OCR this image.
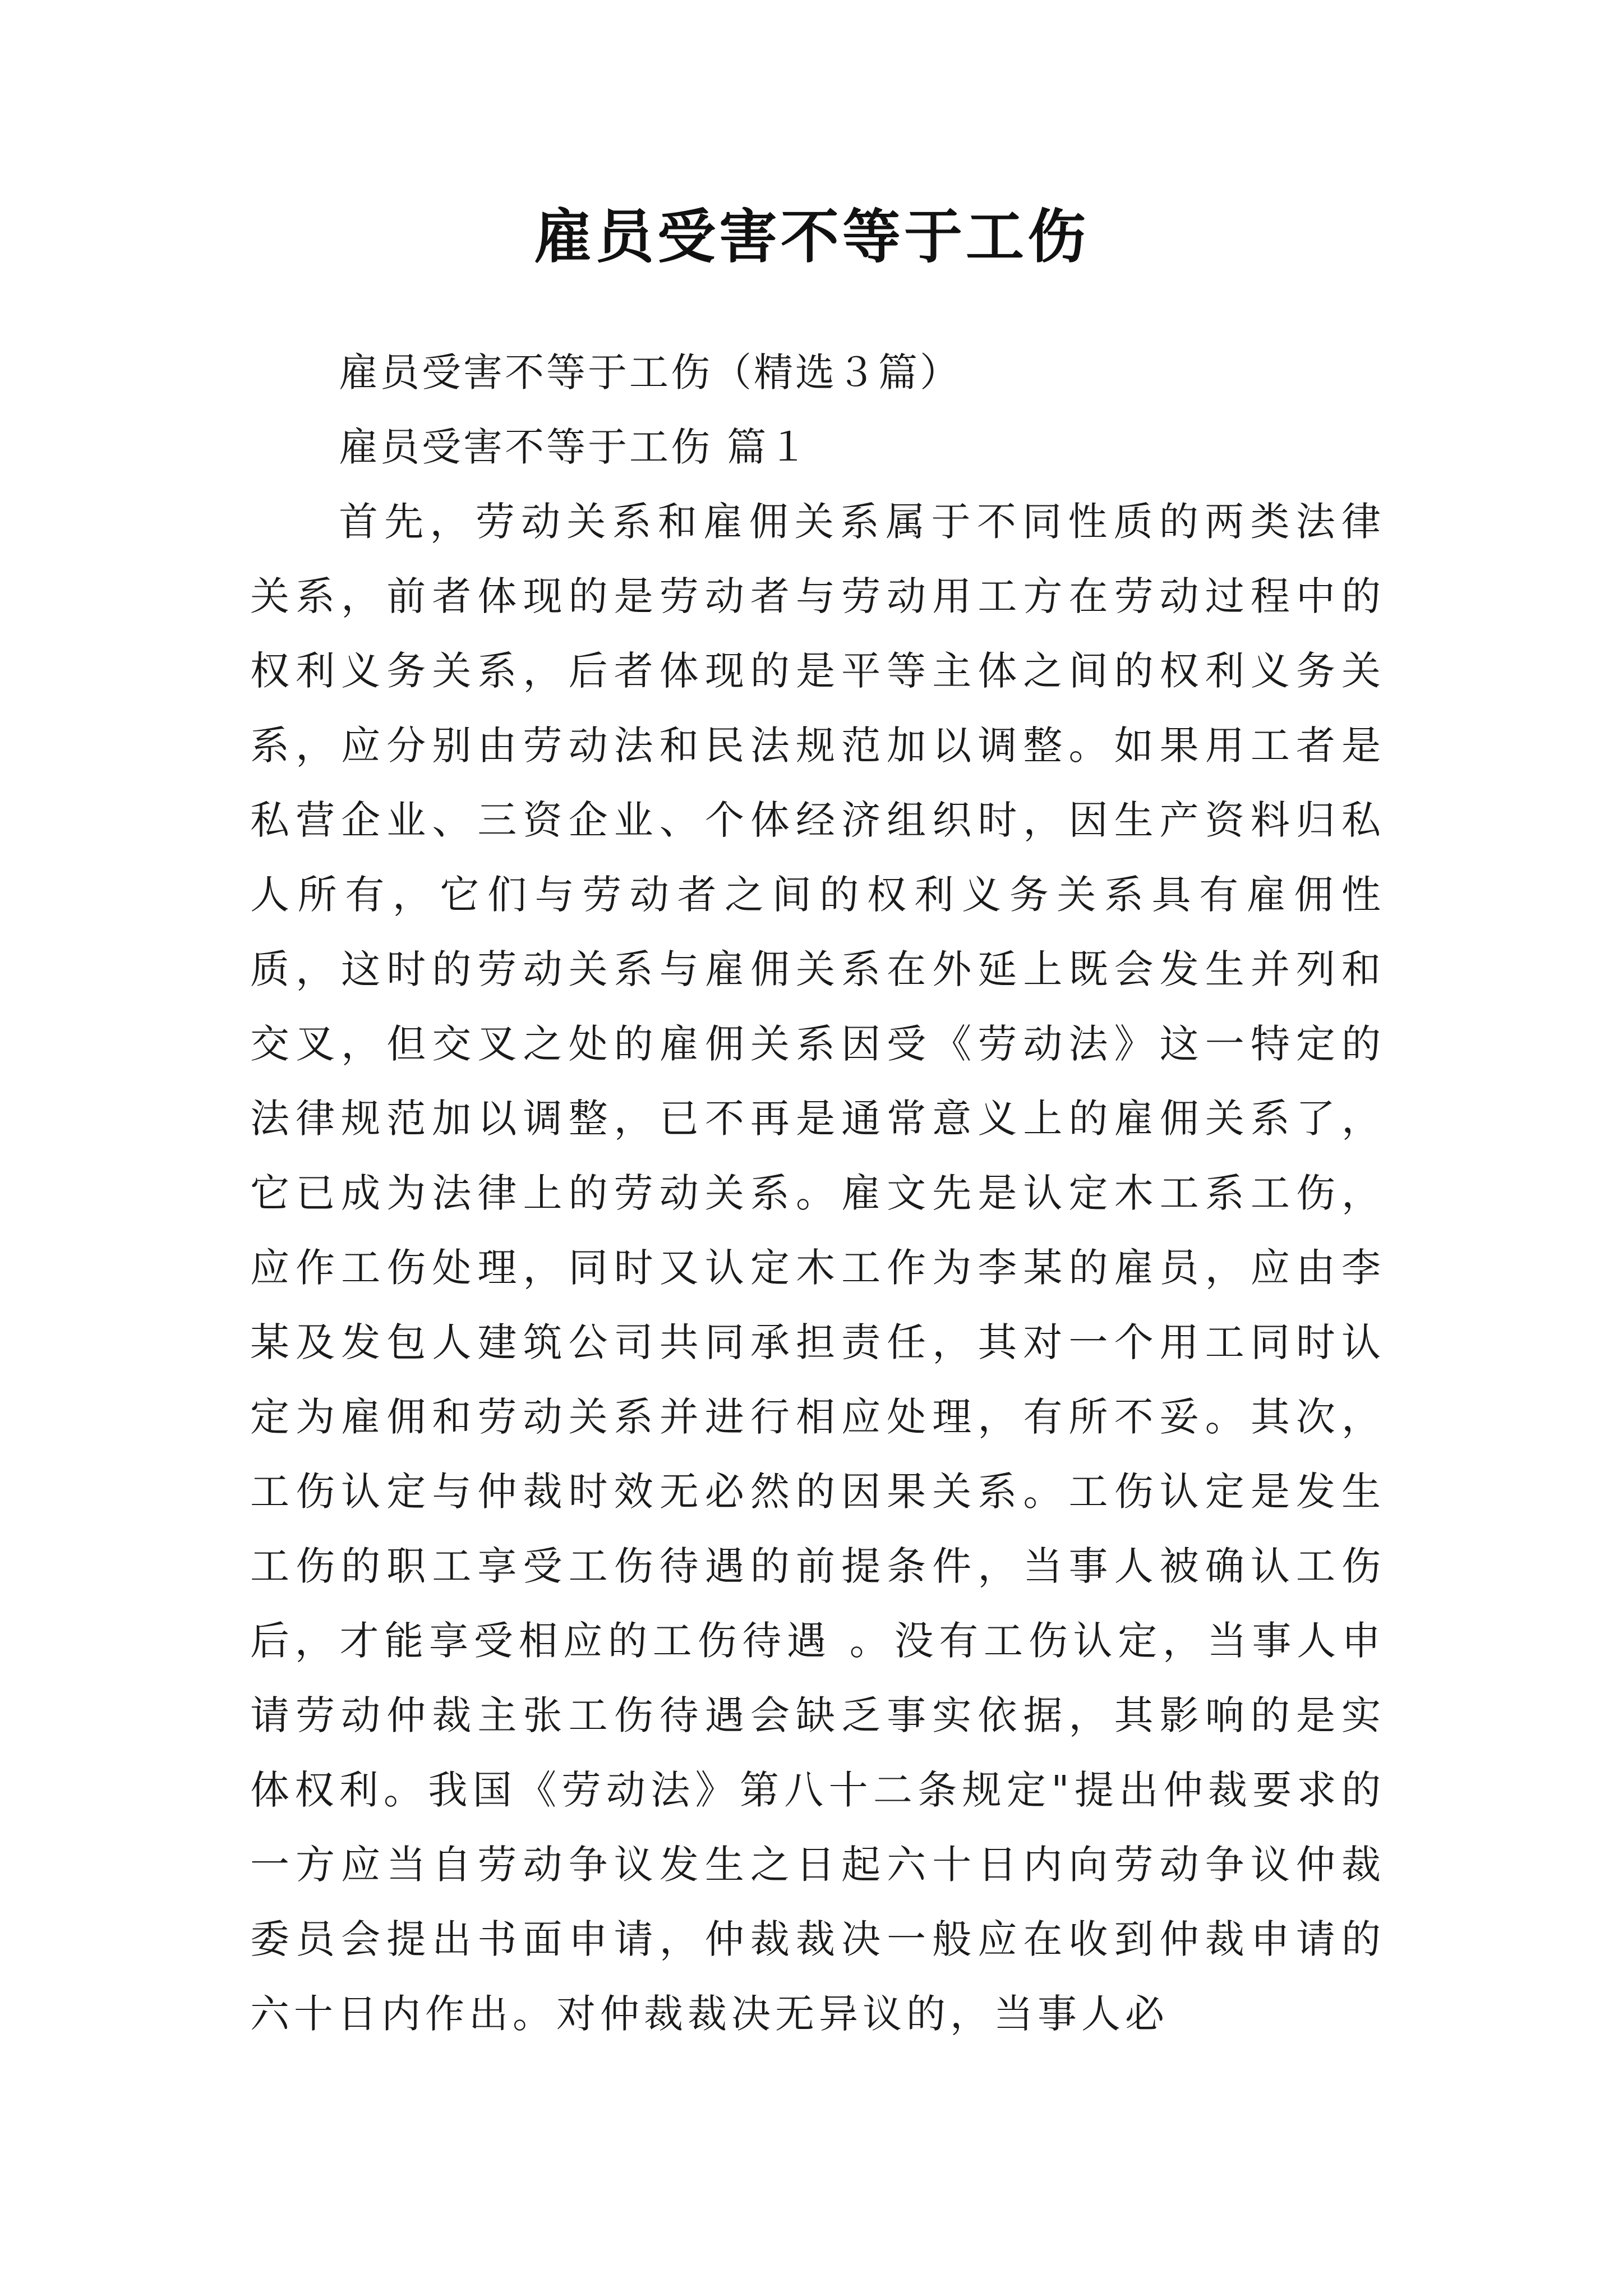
雇员受害不等于工伤

雇员受害不等于工伤（精选３篇）

雇员受害不等于工伤 篇１

首先，劳动关系和雇佣关系属于不同性质的两类法律关系，前者体现的是劳动者与劳动用工方在劳动过程中的权利义务关系，后者体现的是平等主体之间的权利义务关系，应分别由劳动法和民法规范加以调整。如果用工者是私营企业、三资企业、个体经济组织时，因生产资料归私人所有，它们与劳动者之间的权利义务关系具有雇佣性质，这时的劳动关系与雇佣关系在外延上既会发生并列和交叉，但交叉之处的雇佣关系因受《劳动法》这一特定的法律规范加以调整，已不再是通常意义上的雇佣关系了，它已成为法律上的劳动关系。雇文先是认定木工系工伤，应作工伤处理，同时又认定木工作为李某的雇员，应由李某及发包人建筑公司共同承担责任，其对一个用工同时认定为雇佣和劳动关系并进行相应处理，有所不妥。其次，工伤认定与仲裁时效无必然的因果关系。工伤认定是发生工伤的职工享受工伤待遇的前提条件，当事人被确认工伤后，才能享受相应的工伤待遇 。没有工伤认定，当事人申请劳动仲裁主张工伤待遇会缺乏事实依据，其影响的是实体权利。我国《劳动法》第八十二条规定"提出仲裁要求的一方应当自劳动争议发生之日起六十日内向劳动争议仲裁委员会提出书面申请，仲裁裁决一般应在收到仲裁申请的六十日内作出。对仲裁裁决无异议的，当事人必
